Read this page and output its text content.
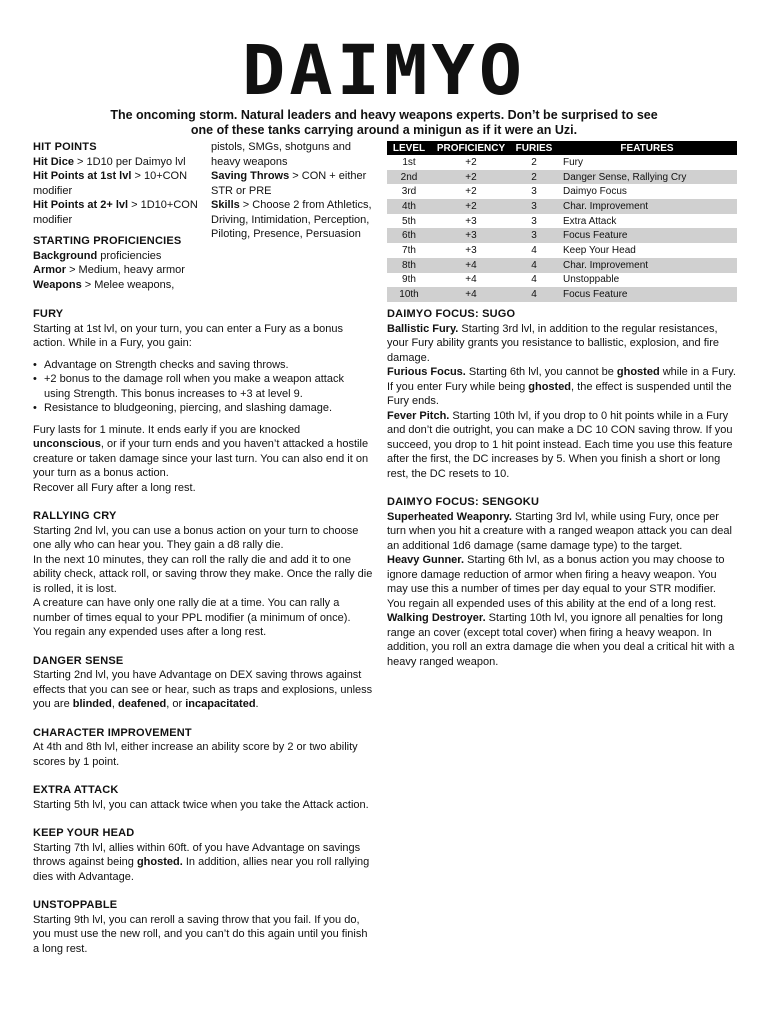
DAIMYO
The oncoming storm. Natural leaders and heavy weapons experts. Don’t be surprised to see one of these tanks carrying around a minigun as if it were an Uzi.
HIT POINTS
Hit Dice > 1D10 per Daimyo lvl
Hit Points at 1st lvl > 10+CON modifier
Hit Points at 2+ lvl > 1D10+CON modifier
STARTING PROFICIENCIES
Background proficiencies
Armor > Medium, heavy armor
Weapons > Melee weapons,
pistols, SMGs, shotguns and heavy weapons
Saving Throws > CON + either STR or PRE
Skills > Choose 2 from Athletics, Driving, Intimidation, Perception, Piloting, Presence, Persuasion
LEVEL	PROFICIENCY	FURIES	FEATURES
1st	+2	2	Fury
2nd	+2	2	Danger Sense, Rallying Cry
3rd	+2	3	Daimyo Focus
4th	+2	3	Char. Improvement
5th	+3	3	Extra Attack
6th	+3	3	Focus Feature
7th	+3	4	Keep Your Head
8th	+4	4	Char. Improvement
9th	+4	4	Unstoppable
10th	+4	4	Focus Feature
FURY
Starting at 1st lvl, on your turn, you can enter a Fury as a bonus action. While in a Fury, you gain:
• Advantage on Strength checks and saving throws.
• +2 bonus to the damage roll when you make a weapon attack using Strength. This bonus increases to +3 at level 9.
• Resistance to bludgeoning, piercing, and slashing damage.
Fury lasts for 1 minute. It ends early if you are knocked unconscious, or if your turn ends and you haven’t attacked a hostile creature or taken damage since your last turn. You can also end it on your turn as a bonus action.
Recover all Fury after a long rest.
RALLYING CRY
Starting 2nd lvl, you can use a bonus action on your turn to choose one ally who can hear you. They gain a d8 rally die.
In the next 10 minutes, they can roll the rally die and add it to one ability check, attack roll, or saving throw they make. Once the rally die is rolled, it is lost.
A creature can have only one rally die at a time. You can rally a number of times equal to your PPL modifier (a minimum of once).
You regain any expended uses after a long rest.
DANGER SENSE
Starting 2nd lvl, you have Advantage on DEX saving throws against effects that you can see or hear, such as traps and explosions, unless you are blinded, deafened, or incapacitated.
CHARACTER IMPROVEMENT
At 4th and 8th lvl, either increase an ability score by 2 or two ability scores by 1 point.
EXTRA ATTACK
Starting 5th lvl, you can attack twice when you take the Attack action.
KEEP YOUR HEAD
Starting 7th lvl, allies within 60ft. of you have Advantage on savings throws against being ghosted. In addition, allies near you roll rallying dies with Advantage.
UNSTOPPABLE
Starting 9th lvl, you can reroll a saving throw that you fail. If you do, you must use the new roll, and you can’t do this again until you finish a long rest.
DAIMYO FOCUS: SUGO
Ballistic Fury. Starting 3rd lvl, in addition to the regular resistances, your Fury ability grants you resistance to ballistic, explosion, and fire damage.
Furious Focus. Starting 6th lvl, you cannot be ghosted while in a Fury. If you enter Fury while being ghosted, the effect is suspended until the Fury ends.
Fever Pitch. Starting 10th lvl, if you drop to 0 hit points while in a Fury and don’t die outright, you can make a DC 10 CON saving throw. If you succeed, you drop to 1 hit point instead. Each time you use this feature after the first, the DC increases by 5. When you finish a short or long rest, the DC resets to 10.
DAIMYO FOCUS: SENGOKU
Superheated Weaponry. Starting 3rd lvl, while using Fury, once per turn when you hit a creature with a ranged weapon attack you can deal an additional 1d6 damage (same damage type) to the target.
Heavy Gunner. Starting 6th lvl, as a bonus action you may choose to ignore damage reduction of armor when firing a heavy weapon. You may use this a number of times per day equal to your STR modifier. You regain all expended uses of this ability at the end of a long rest.
Walking Destroyer. Starting 10th lvl, you ignore all penalties for long range an cover (except total cover) when firing a heavy weapon. In addition, you roll an extra damage die when you deal a critical hit with a heavy ranged weapon.
